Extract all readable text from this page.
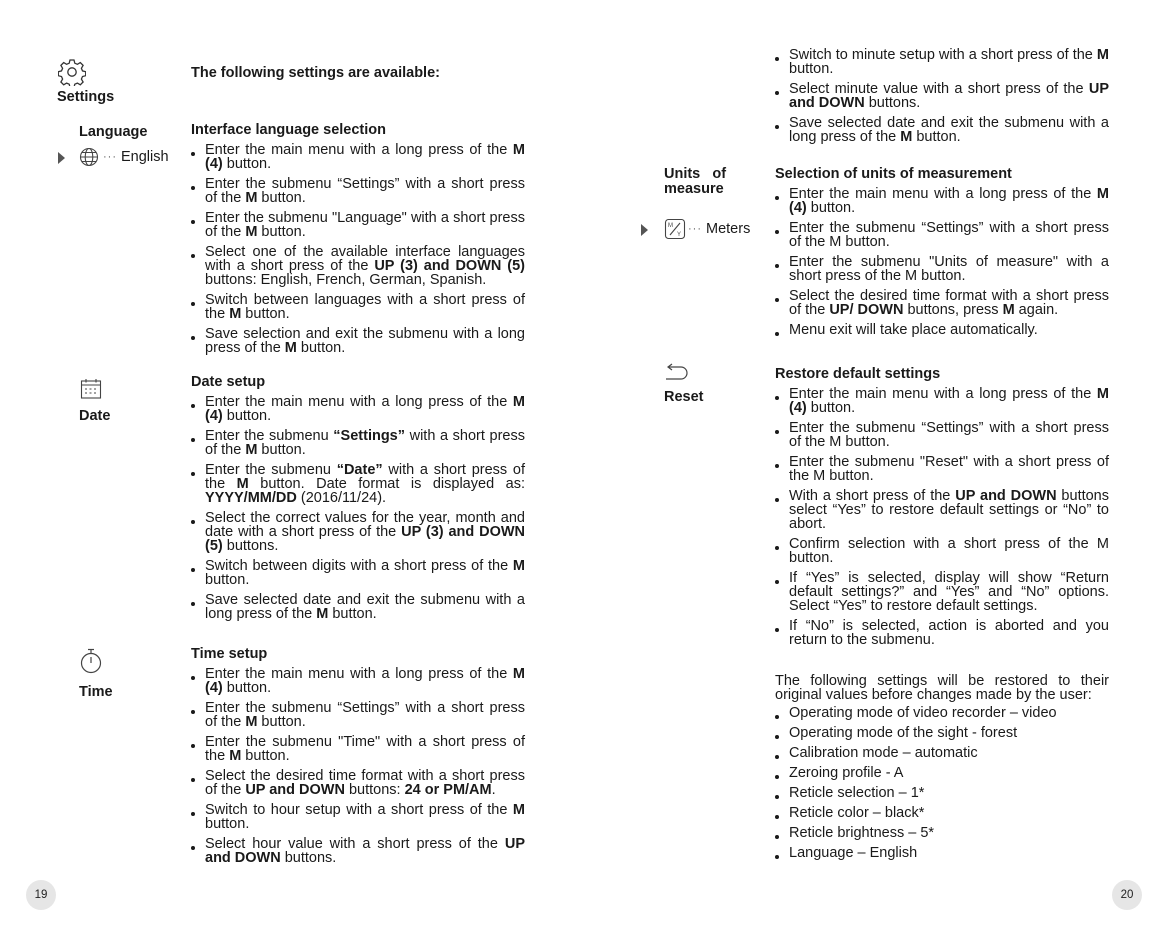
Settings
The following settings are available:
Language
··· English
Interface language selection
Enter the main menu with a long press of the M (4) button.
Enter the submenu “Settings” with a short press of the M button.
Enter the submenu "Language" with a short press of the M button.
Select one of the available interface languages with a short press of the UP (3) and DOWN (5) buttons: English, French, German, Spanish.
Switch between languages with a short press of the M button.
Save selection and exit the submenu with a long press of the M button.
Date
Date setup
Enter the main menu with a long press of the M (4) button.
Enter the submenu “Settings” with a short press of the M button.
Enter the submenu “Date” with a short press of the M button. Date format is displayed as: YYYY/MM/DD (2016/11/24).
Select the correct values for the year, month and date with a short press of the UP (3) and DOWN (5) buttons.
Switch between digits with a short press of the M button.
Save selected date and exit the submenu with a long press of the M button.
Time
Time setup
Enter the main menu with a long press of the M (4) button.
Enter the submenu “Settings” with a short press of the M button.
Enter the submenu "Time" with a short press of the M button.
Select the desired time format with a short press of the UP and DOWN buttons: 24 or PM/AM.
Switch to hour setup with a short press of the M button.
Select hour value with a short press of the UP and DOWN buttons.
19
Switch to minute setup with a short press of the M button.
Select minute value with a short press of the UP and DOWN buttons.
Save selected date and exit the submenu with a long press of the M button.
Units   of
measure
M
Y ··· Meters
Selection of units of measurement
Enter the main menu with a long press of the M (4) button.
Enter the submenu “Settings” with a short press of the M button.
Enter the submenu "Units of measure" with a short press of the M button.
Select the desired time format with a short press of the UP/ DOWN buttons, press M again.
Menu exit will take place automatically.
Reset
Restore default settings
Enter the main menu with a long press of the M (4) button.
Enter the submenu “Settings” with a short press of the M button.
Enter the submenu "Reset" with a short press of the M button.
With a short press of the UP and DOWN buttons select “Yes” to restore default settings or “No” to abort.
Confirm selection with a short press of the M button.
If “Yes” is selected, display will show “Return default settings?” and “Yes” and “No” options. Select “Yes” to restore default settings.
If “No” is selected, action is aborted and you return to the submenu.

The following settings will be restored to their original values before changes made by the user:

Operating mode of video recorder – video
Operating mode of the sight - forest
Calibration mode – automatic
Zeroing profile - A
Reticle selection – 1*
Reticle color – black*
Reticle brightness – 5*
Language – English
20
